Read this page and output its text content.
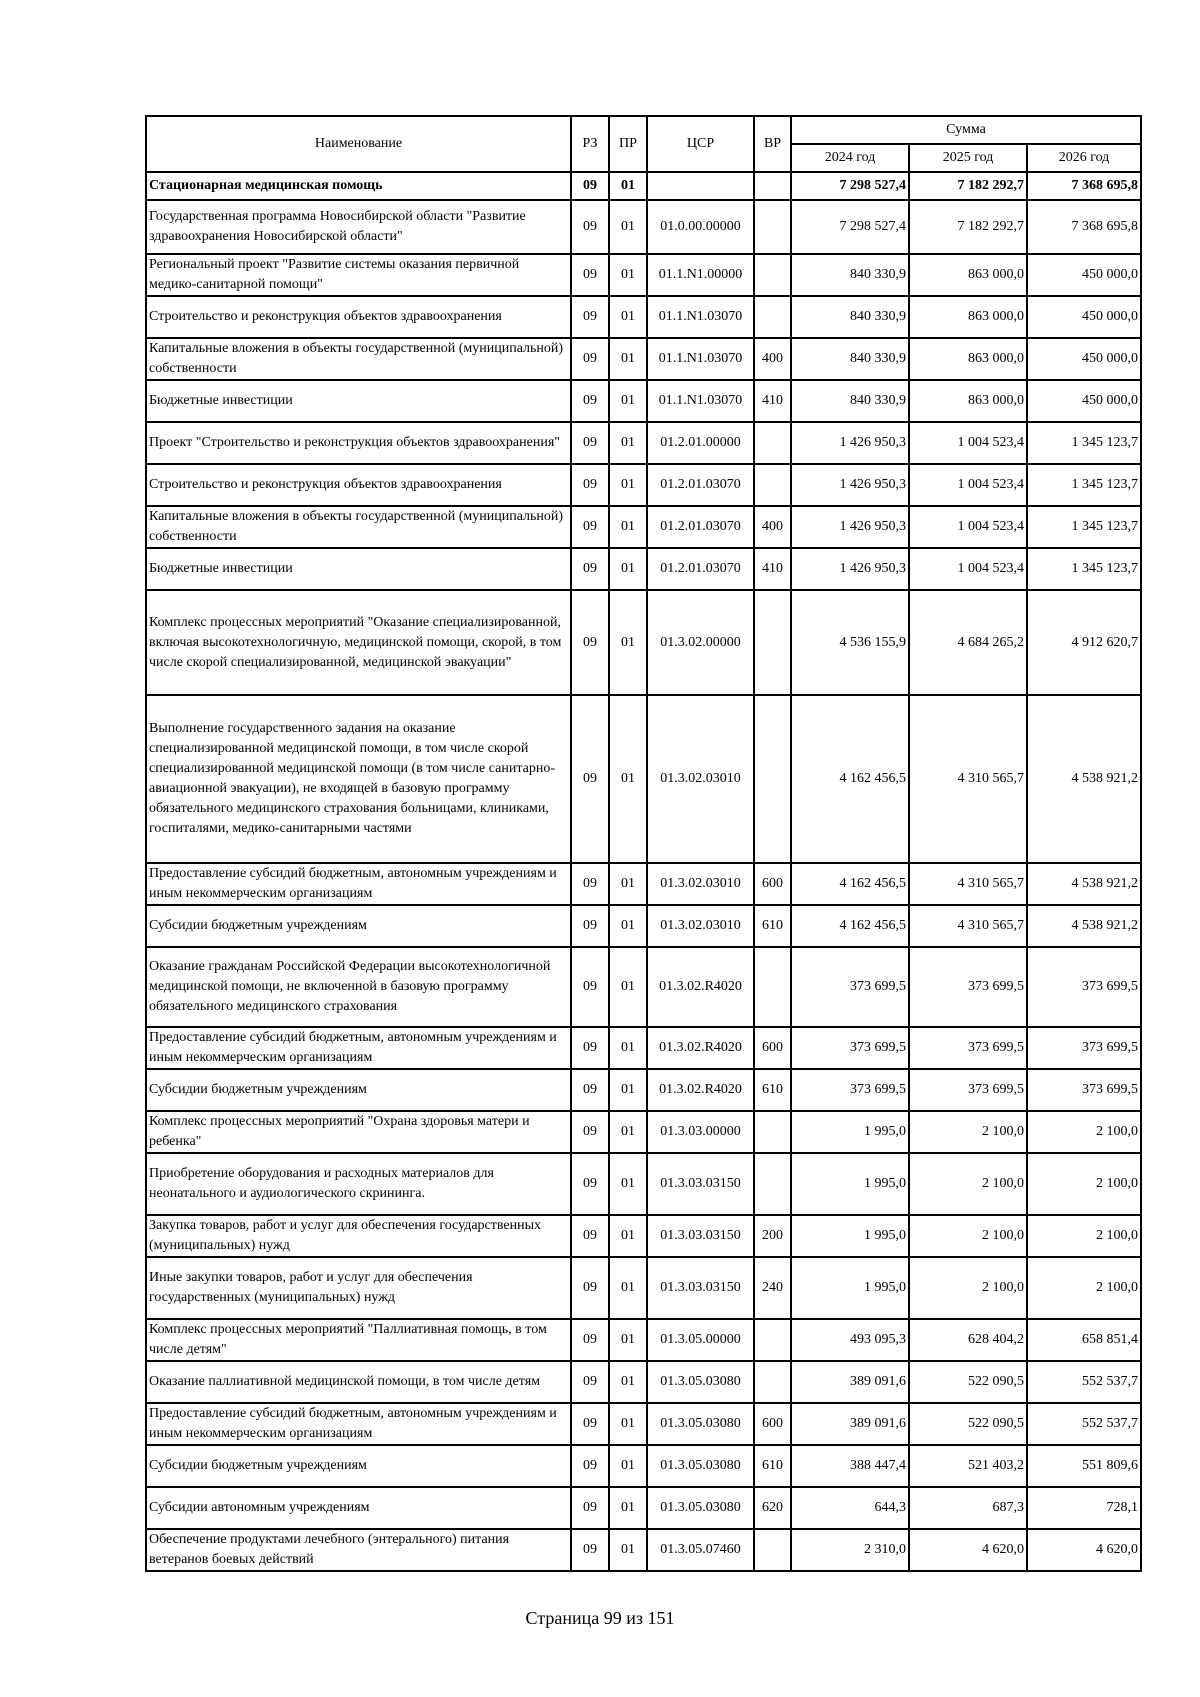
Наименование	РЗ	ПР	ЦСР	ВР	Сумма		
					2024 год	2025 год	2026 год
Стационарная медицинская помощь	09	01			7 298 527,4	7 182 292,7	7 368 695,8
Государственная программа Новосибирской области "Развитие здравоохранения Новосибирской области"	09	01	01.0.00.00000		7 298 527,4	7 182 292,7	7 368 695,8
Региональный проект "Развитие системы оказания первичной медико-санитарной помощи"	09	01	01.1.N1.00000		840 330,9	863 000,0	450 000,0
Строительство и реконструкция объектов здравоохранения	09	01	01.1.N1.03070		840 330,9	863 000,0	450 000,0
Капитальные вложения в объекты государственной (муниципальной) собственности	09	01	01.1.N1.03070	400	840 330,9	863 000,0	450 000,0
Бюджетные инвестиции	09	01	01.1.N1.03070	410	840 330,9	863 000,0	450 000,0
Проект "Строительство и реконструкция объектов здравоохранения"	09	01	01.2.01.00000		1 426 950,3	1 004 523,4	1 345 123,7
Строительство и реконструкция объектов здравоохранения	09	01	01.2.01.03070		1 426 950,3	1 004 523,4	1 345 123,7
Капитальные вложения в объекты государственной (муниципальной) собственности	09	01	01.2.01.03070	400	1 426 950,3	1 004 523,4	1 345 123,7
Бюджетные инвестиции	09	01	01.2.01.03070	410	1 426 950,3	1 004 523,4	1 345 123,7
Комплекс процессных мероприятий "Оказание специализированной, включая высокотехнологичную, медицинской помощи, скорой, в том числе скорой специализированной, медицинской эвакуации"	09	01	01.3.02.00000		4 536 155,9	4 684 265,2	4 912 620,7
Выполнение государственного задания на оказание специализированной медицинской помощи, в том числе скорой специализированной медицинской помощи (в том числе санитарно-авиационной эвакуации), не входящей в базовую программу обязательного медицинского страхования больницами, клиниками, госпиталями, медико-санитарными частями	09	01	01.3.02.03010		4 162 456,5	4 310 565,7	4 538 921,2
Предоставление субсидий бюджетным, автономным учреждениям и иным некоммерческим организациям	09	01	01.3.02.03010	600	4 162 456,5	4 310 565,7	4 538 921,2
Субсидии бюджетным учреждениям	09	01	01.3.02.03010	610	4 162 456,5	4 310 565,7	4 538 921,2
Оказание гражданам Российской Федерации высокотехнологичной медицинской помощи, не включенной в базовую программу обязательного медицинского страхования	09	01	01.3.02.R4020		373 699,5	373 699,5	373 699,5
Предоставление субсидий бюджетным, автономным учреждениям и иным некоммерческим организациям	09	01	01.3.02.R4020	600	373 699,5	373 699,5	373 699,5
Субсидии бюджетным учреждениям	09	01	01.3.02.R4020	610	373 699,5	373 699,5	373 699,5
Комплекс процессных мероприятий "Охрана здоровья матери и ребенка"	09	01	01.3.03.00000		1 995,0	2 100,0	2 100,0
Приобретение оборудования и расходных материалов для неонатального и аудиологического скрининга.	09	01	01.3.03.03150		1 995,0	2 100,0	2 100,0
Закупка товаров, работ и услуг для обеспечения государственных (муниципальных) нужд	09	01	01.3.03.03150	200	1 995,0	2 100,0	2 100,0
Иные закупки товаров, работ и услуг для обеспечения государственных (муниципальных) нужд	09	01	01.3.03.03150	240	1 995,0	2 100,0	2 100,0
Комплекс процессных мероприятий "Паллиативная помощь, в том числе детям"	09	01	01.3.05.00000		493 095,3	628 404,2	658 851,4
Оказание паллиативной медицинской помощи, в том числе детям	09	01	01.3.05.03080		389 091,6	522 090,5	552 537,7
Предоставление субсидий бюджетным, автономным учреждениям и иным некоммерческим организациям	09	01	01.3.05.03080	600	389 091,6	522 090,5	552 537,7
Субсидии бюджетным учреждениям	09	01	01.3.05.03080	610	388 447,4	521 403,2	551 809,6
Субсидии автономным учреждениям	09	01	01.3.05.03080	620	644,3	687,3	728,1
Обеспечение продуктами лечебного (энтерального) питания ветеранов боевых действий	09	01	01.3.05.07460		2 310,0	4 620,0	4 620,0
Страница 99 из 151
